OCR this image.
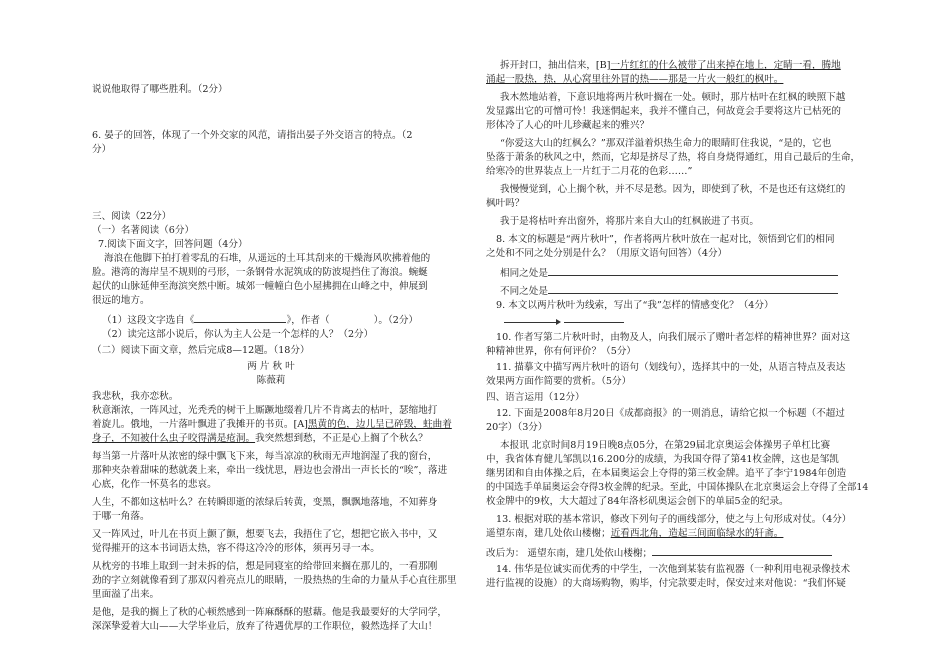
说说他取得了哪些胜利。（2分）
6. 晏子的回答，体现了一个外交家的风范，请指出晏子外交语言的特点。（2
分）
三、阅读（22分）
（一）名著阅读（6分）
7.阅读下面文字，回答问题（4分）
海浪在他脚下拍打着零乱的石堆，从遥远的土耳其刮来的干燥海风吹拂着他的
脸。港湾的海岸呈不规则的弓形，一条钢骨水泥筑成的防波堤挡住了海浪。蜿蜒
起伏的山脉延伸至海滨突然中断。城郊一幢幢白色小屋拂拥在山峰之中，伸展到
很远的地方。
（1）这段文字选自《	》，作者（	）。（2分）
（2）读完这部小说后，你认为主人公是一个怎样的人？（2分）
（二）阅读下面文章，然后完成8—12题。（18分）
两 片 秋 叶
陈薇莉
我悲秋，我亦恋秋。
秋意渐浓，一阵风过，光秃秃的树干上厮蹶地缀着几片不肯离去的枯叶，瑟缩地打
着旋儿。俄地，一片落叶飘进了我摊开的书页。[A]黑黄的色，边儿呈已碎毁，蛀曲着
身子，不知被什么虫子咬得满是疮洞。我突然想到愁，不正是心上搁了个秋么？
每当第一片落叶从浓密的绿中飘飞下来，每当凉凉的秋雨无声地润湿了我的窗台，
那种夹杂着甜味的愁就袭上来，牵出一线忧思，唇边也会滑出一声长长的“唉”，落进
心底，化作一怀莫名的悲哀。
人生，不都如这枯叶么？在转瞬即逝的浓绿后转黄，变黑，飘飘地落地，不知葬身
于哪一角落。
又一阵风过，叶儿在书页上颤了颤，想要飞去，我捂住了它，想把它嵌入书中，又
觉得摧开的这本书词语太热，容不得这冷冷的形体，须再另寻一本。
从枕旁的书堆上取到一封未拆的信，想是同寝室的给带回来搁在那儿的，一看那刚
劲的字立刻就像看到了那双闪着亮点儿的眼睛，一股热热的生命的力量从手心直往那里
里面溢了出来。
是他，是我的搁上了秋的心顿然感到一阵麻酥酥的慰藉。他是我最要好的大学同学，
深深挚爱着大山——大学毕业后，放弃了待遇优厚的工作职位，毅然选择了大山！
拆开封口，抽出信来，[B]一片红红的什么被带了出来掉在地上，定睛一看，腾地
涌起一股热，热，从心窝里往外冒的热——那是一片火一般红的枫叶。
我木然地站着，下意识地将两片秋叶搁在一处。顿时，那片枯叶在红枫的映照下越
发显露出它的可憎可怜！我迷惘起来，我并不懂自己，何故竟会手要将这片已枯死的
形体冷了人心的叶儿珍藏起来的雅兴？
“你爱这大山的红枫么？”那双洋溢着炽热生命力的眼睛盯住我说，“是的，它也
坠落于萧条的秋风之中，然而，它却是挤尽了热，将自身烧得通红，用自己最后的生命，
给寒冷的世界装点上一片红于二月花的色彩……”
我慢慢觉到，心上搁个秋，并不尽是愁。因为，即使到了秋，不是也还有这烧红的
枫叶吗？
我于是将枯叶弃出窗外，将那片来自大山的红枫嵌进了书页。
8. 本文的标题是“两片秋叶”，作者将两片秋叶放在一起对比，领悟到它们的相同
之处和不同之处分别是什么？（用原文语句回答）（4分）
相同之处是
不同之处是
9. 本文以两片秋叶为线索，写出了“我”怎样的情感变化？（4分）
10. 作者写第二片秋叶时，由物及人，向我们展示了赠叶者怎样的精神世界？面对这
种精神世界，你有何评价？（5分）
11. 描摹文中描写两片秋叶的语句（划线句），选择其中的一处，从语言特点及表达
效果两方面作简要的赏析。（5分）
四、语言运用（12分）
12. 下面是2008年8月20日《成都商报》的一则消息，请给它拟一个标题（不超过
20字）（3分）
本报讯 北京时间8月19日晚8点05分，在第29届北京奥运会体操男子单杠比赛
中，我省体育健儿邹凯以16.200分的成绩，为我国夺得了第41枚金牌，这也是邹凯
继男团和自由体操之后，在本届奥运会上夺得的第三枚金牌。追平了李宁1984年创造
的中国选手单届奥运会夺得3枚金牌的纪录。至此，中国体操队在北京奥运会上夺得了全部14
枚金牌中的9枚，大大超过了84年洛杉矶奥运会创下的单届5金的纪录。
13. 根据对联的基本常识，修改下列句子的画线部分，使之与上句形成对仗。（4分）
遥望东南，建几处依山楼榭；近看西北角，造起三间面临绿水的轩斋。
改后为： 遥望东南，建几处依山楼榭；
14. 伟华是位诚实而优秀的中学生，一次他到某装有监视器（一种利用电视录像技术
进行监视的设施）的大商场购物，购毕，付完款要走时，保安过来对他说：“我们怀疑
